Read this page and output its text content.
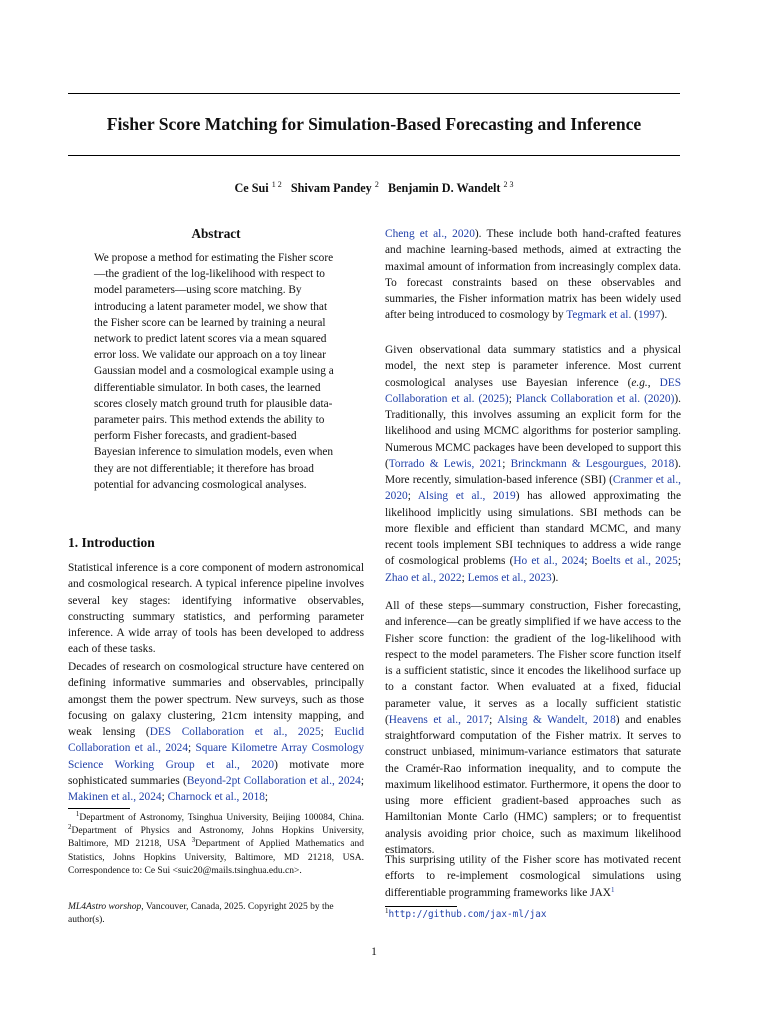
Fisher Score Matching for Simulation-Based Forecasting and Inference
Ce Sui $^{1 2}$ Shivam Pandey $^2$ Benjamin D. Wandelt $^{2 3}$
Abstract
We propose a method for estimating the Fisher score—the gradient of the log-likelihood with respect to model parameters—using score matching. By introducing a latent parameter model, we show that the Fisher score can be learned by training a neural network to predict latent scores via a mean squared error loss. We validate our approach on a toy linear Gaussian model and a cosmological example using a differentiable simulator. In both cases, the learned scores closely match ground truth for plausible data-parameter pairs. This method extends the ability to perform Fisher forecasts, and gradient-based Bayesian inference to simulation models, even when they are not differentiable; it therefore has broad potential for advancing cosmological analyses.
1. Introduction

Statistical inference is a core component of modern astronomical and cosmological research. A typical inference pipeline involves several key stages: identifying informative observables, constructing summary statistics, and performing parameter inference. A wide array of tools has been developed to address each of these tasks.

Decades of research on cosmological structure have centered on defining informative summaries and observables, principally amongst them the power spectrum. New surveys, such as those focusing on galaxy clustering, 21cm intensity mapping, and weak lensing (DES Collaboration et al., 2025; Euclid Collaboration et al., 2024; Square Kilometre Array Cosmology Science Working Group et al., 2020) motivate more sophisticated summaries (Beyond-2pt Collaboration et al., 2024; Makinen et al., 2024; Charnock et al., 2018;

$^1$Department of Astronomy, Tsinghua University, Beijing 100084, China. $^2$Department of Physics and Astronomy, Johns Hopkins University, Baltimore, MD 21218, USA $^3$Department of Applied Mathematics and Statistics, Johns Hopkins University, Baltimore, MD 21218, USA. Correspondence to: Ce Sui <suic20@mails.tsinghua.edu.cn>.
ML4Astro worshop, Vancouver, Canada, 2025. Copyright 2025 by the author(s).

Cheng et al., 2020). These include both hand-crafted features and machine learning-based methods, aimed at extracting the maximal amount of information from increasingly complex data. To forecast constraints based on these observables and summaries, the Fisher information matrix has been widely used after being introduced to cosmology by Tegmark et al. (1997).

Given observational data summary statistics and a physical model, the next step is parameter inference. Most current cosmological analyses use Bayesian inference (e.g., DES Collaboration et al. (2025); Planck Collaboration et al. (2020)). Traditionally, this involves assuming an explicit form for the likelihood and using MCMC algorithms for posterior sampling. Numerous MCMC packages have been developed to support this (Torrado & Lewis, 2021; Brinckmann & Lesgourgues, 2018). More recently, simulation-based inference (SBI) (Cranmer et al., 2020; Alsing et al., 2019) has allowed approximating the likelihood implicitly using simulations. SBI methods can be more flexible and efficient than standard MCMC, and many recent tools implement SBI techniques to address a wide range of cosmological problems (Ho et al., 2024; Boelts et al., 2025; Zhao et al., 2022; Lemos et al., 2023).

All of these steps—summary construction, Fisher forecasting, and inference—can be greatly simplified if we have access to the Fisher score function: the gradient of the log-likelihood with respect to the model parameters. The Fisher score function itself is a sufficient statistic, since it encodes the likelihood surface up to a constant factor. When evaluated at a fixed, fiducial parameter value, it serves as a locally sufficient statistic (Heavens et al., 2017; Alsing & Wandelt, 2018) and enables straightforward computation of the Fisher matrix. It serves to construct unbiased, minimum-variance estimators that saturate the Cramér-Rao information inequality, and to compute the maximum likelihood estimator. Furthermore, it opens the door to using more efficient gradient-based approaches such as Hamiltonian Monte Carlo (HMC) samplers; or to frequentist analysis avoiding prior choice, such as maximum likelihood estimators.

This surprising utility of the Fisher score has motivated recent efforts to re-implement cosmological simulations using differentiable programming frameworks like JAX$^1$

$^1$http://github.com/jax-ml/jax
1
